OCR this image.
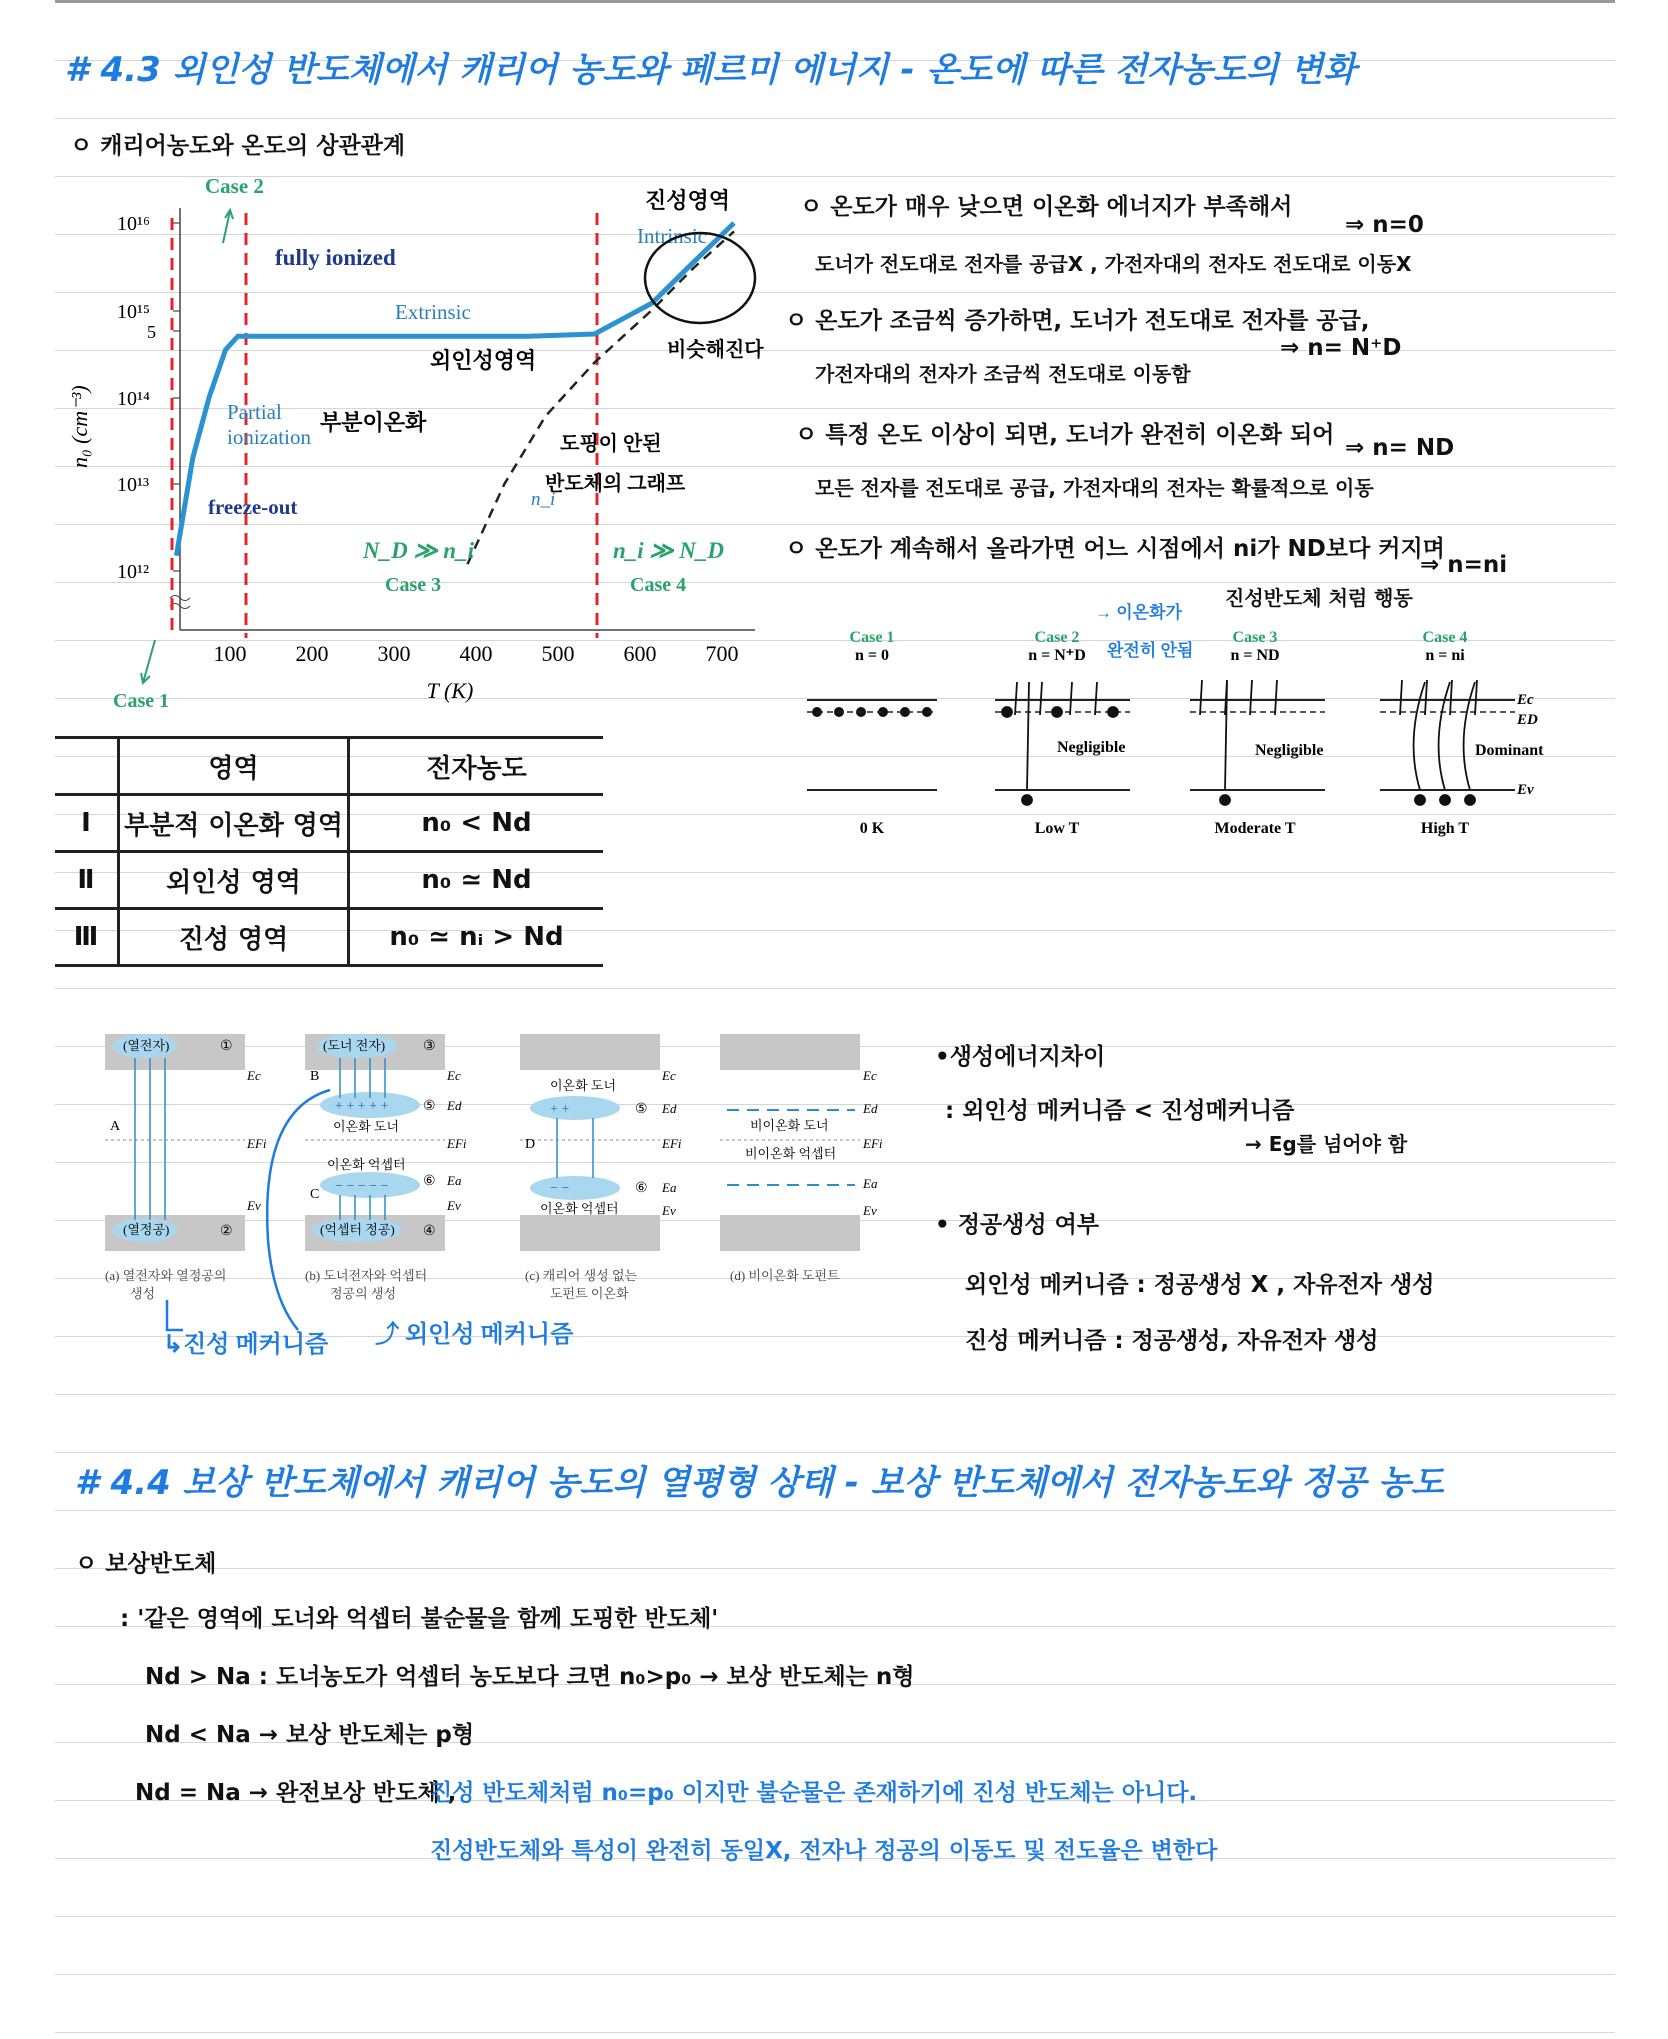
# 4.3 외인성 반도체에서 캐리어 농도와 페르미 에너지 - 온도에 따른 전자농도의 변화
ㅇ 캐리어농도와 온도의 상관관계
10¹⁶
10¹⁵
5
10¹⁴
10¹³
10¹²
n₀ (cm⁻³)
100 200 300 400 500 600 700
T (K)
Case 2
fully ionized
Extrinsic
Intrinsic
Partial
ionization
freeze-out
N_D ≫ n_i
Case 3
n_i ≫ N_D
Case 4
n_i
Case 1
진성영역
외인성영역
부분이온화
도핑이 안된
반도체의 그래프
비슷해진다
ㅇ 온도가 매우 낮으면 이온화 에너지가 부족해서
도너가 전도대로 전자를 공급X , 가전자대의 전자도 전도대로 이동X
⇒ n=0
ㅇ 온도가 조금씩 증가하면, 도너가 전도대로 전자를 공급,
가전자대의 전자가 조금씩 전도대로 이동함
⇒ n= N⁺D
ㅇ 특정 온도 이상이 되면, 도너가 완전히 이온화 되어
모든 전자를 전도대로 공급, 가전자대의 전자는 확률적으로 이동
⇒ n= ND
ㅇ 온도가 계속해서 올라가면 어느 시점에서 ni가 ND보다 커지며
진성반도체 처럼 행동
⇒ n=ni
→ 이온화가
완전히 안됨
Case 1
n = 0
0 K
Case 2
n = N⁺D
Negligible
Low T
Case 3
n = ND
Negligible
Moderate T
Case 4
n = ni
Dominant
Ec
ED
Ev
High T
	영역	전자농도
Ⅰ	부분적 이온화 영역	n₀ < Nd
Ⅱ	외인성 영역	n₀ ≃ Nd
Ⅲ	진성 영역	n₀ ≃ nᵢ > Nd
(열전자)
(열정공)
A
①
②
Ec
EFi
Ev
(a) 열전자와 열정공의
생성
(도너 전자)
+ + + + +
이온화 도너
이온화 억셉터
− − − − −
(억셉터 정공)
B
C
③
⑤
⑥
④
Ec
Ed
EFi
Ea
Ev
(b) 도너전자와 억셉터
정공의 생성
이온화 도너
+ +
− −
이온화 억셉터
D
⑤
⑥
Ec
Ed
EFi
Ea
Ev
(c) 캐리어 생성 없는
도펀트 이온화
비이온화 도너
비이온화 억셉터
Ec
Ed
EFi
Ea
Ev
(d) 비이온화 도펀트
↳진성 메커니즘 ⤴ 외인성 메커니즘
•생성에너지차이
: 외인성 메커니즘 < 진성메커니즘
→ Eg를 넘어야 함
• 정공생성 여부
외인성 메커니즘 : 정공생성 X , 자유전자 생성
진성 메커니즘 : 정공생성, 자유전자 생성
# 4.4 보상 반도체에서 캐리어 농도의 열평형 상태 - 보상 반도체에서 전자농도와 정공 농도
ㅇ 보상반도체
: '같은 영역에 도너와 억셉터 불순물을 함께 도핑한 반도체'
Nd > Na : 도너농도가 억셉터 농도보다 크면 n₀>p₀ → 보상 반도체는 n형
Nd < Na → 보상 반도체는 p형
Nd = Na → 완전보상 반도체 ,
진성 반도체처럼 n₀=p₀ 이지만 불순물은 존재하기에 진성 반도체는 아니다.
진성반도체와 특성이 완전히 동일X, 전자나 정공의 이동도 및 전도율은 변한다
